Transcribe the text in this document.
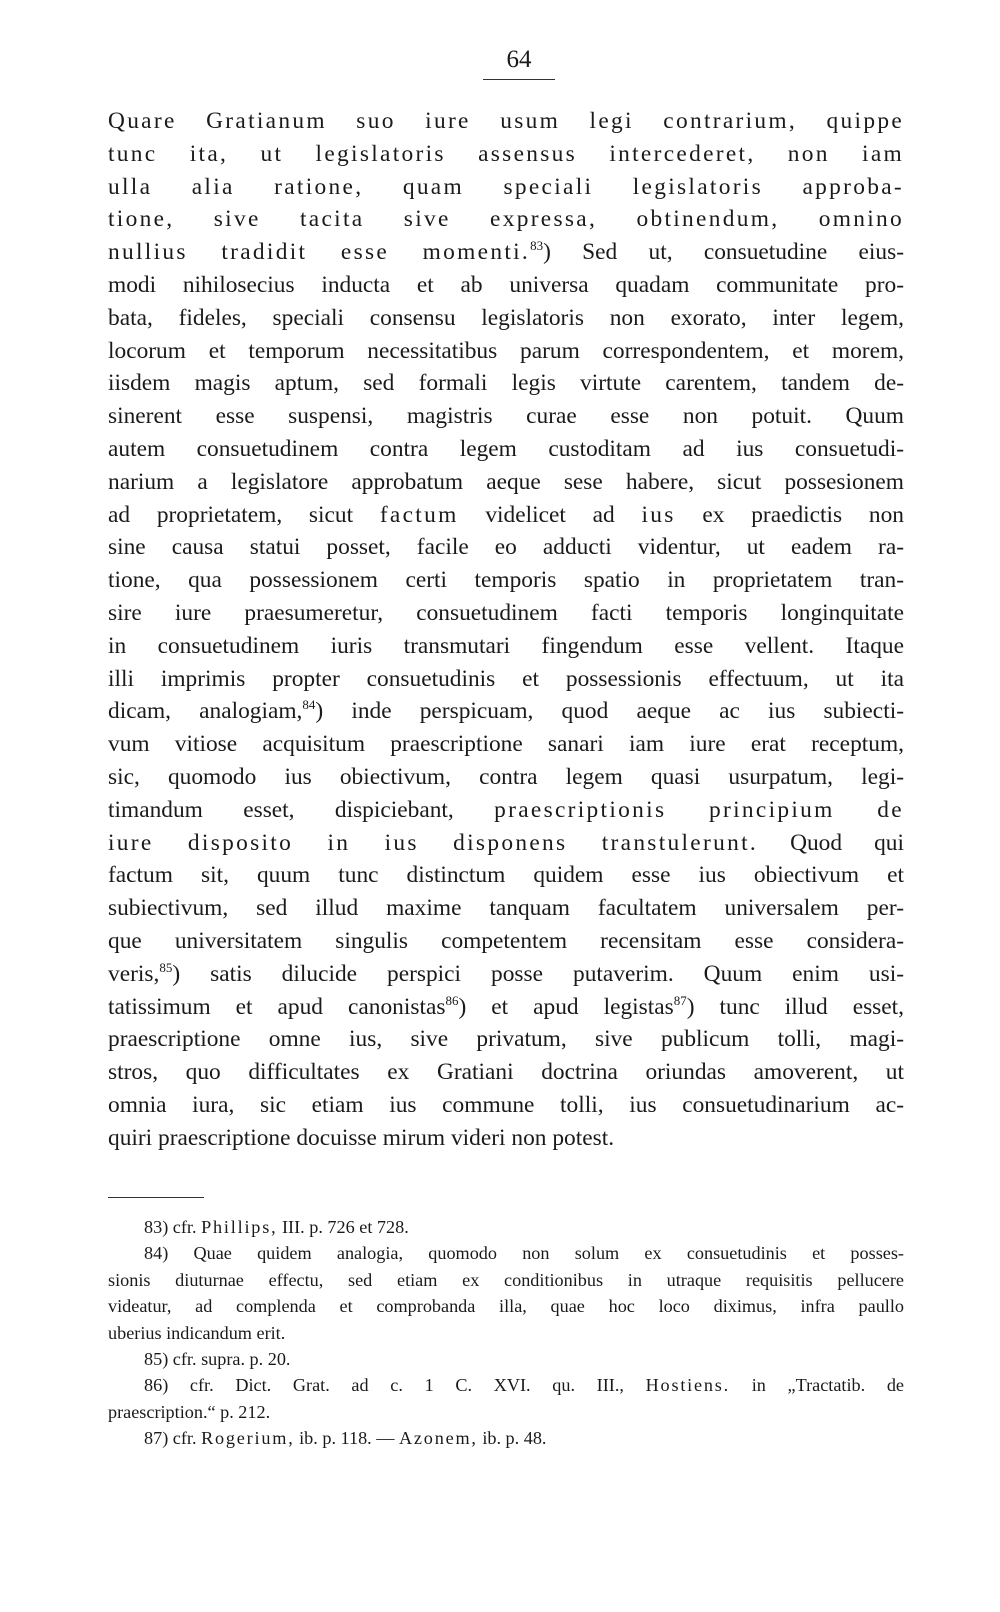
64
Quare Gratianum suo iure usum legi contrarium, quippe
tunc ita, ut legislatoris assensus intercederet, non iam
ulla alia ratione, quam speciali legislatoris approba-
tione, sive tacita sive expressa, obtinendum, omnino
nullius tradidit esse momenti.$^{83}$) Sed ut, consuetudine eius-
modi nihilosecius inducta et ab universa quadam communitate pro-
bata, fideles, speciali consensu legislatoris non exorato, inter legem,
locorum et temporum necessitatibus parum correspondentem, et morem,
iisdem magis aptum, sed formali legis virtute carentem, tandem de-
sinerent esse suspensi, magistris curae esse non potuit. Quum
autem consuetudinem contra legem custoditam ad ius consuetudi-
narium a legislatore approbatum aeque sese habere, sicut possesionem
ad proprietatem, sicut factum videlicet ad ius ex praedictis non
sine causa statui posset, facile eo adducti videntur, ut eadem ra-
tione, qua possessionem certi temporis spatio in proprietatem tran-
sire iure praesumeretur, consuetudinem facti temporis longinquitate
in consuetudinem iuris transmutari fingendum esse vellent. Itaque
illi imprimis propter consuetudinis et possessionis effectuum, ut ita
dicam, analogiam,$^{84}$) inde perspicuam, quod aeque ac ius subiecti-
vum vitiose acquisitum praescriptione sanari iam iure erat receptum,
sic, quomodo ius obiectivum, contra legem quasi usurpatum, legi-
timandum esset, dispiciebant, praescriptionis principium de
iure disposito in ius disponens transtulerunt. Quod qui
factum sit, quum tunc distinctum quidem esse ius obiectivum et
subiectivum, sed illud maxime tanquam facultatem universalem per-
que universitatem singulis competentem recensitam esse considera-
veris,$^{85}$) satis dilucide perspici posse putaverim. Quum enim usi-
tatissimum et apud canonistas$^{86}$) et apud legistas$^{87}$) tunc illud esset,
praescriptione omne ius, sive privatum, sive publicum tolli, magi-
stros, quo difficultates ex Gratiani doctrina oriundas amoverent, ut
omnia iura, sic etiam ius commune tolli, ius consuetudinarium ac-
quiri praescriptione docuisse mirum videri non potest.
83) cfr. Phillips, III. p. 726 et 728.
84) Quae quidem analogia, quomodo non solum ex consuetudinis et posses-
sionis diuturnae effectu, sed etiam ex conditionibus in utraque requisitis pellucere
videatur, ad complenda et comprobanda illa, quae hoc loco diximus, infra paullo
uberius indicandum erit.
85) cfr. supra. p. 20.
86) cfr. Dict. Grat. ad c. 1 C. XVI. qu. III., Hostiens. in „Tractatib. de
praescription.“ p. 212.
87) cfr. Rogerium, ib. p. 118. — Azonem, ib. p. 48.
